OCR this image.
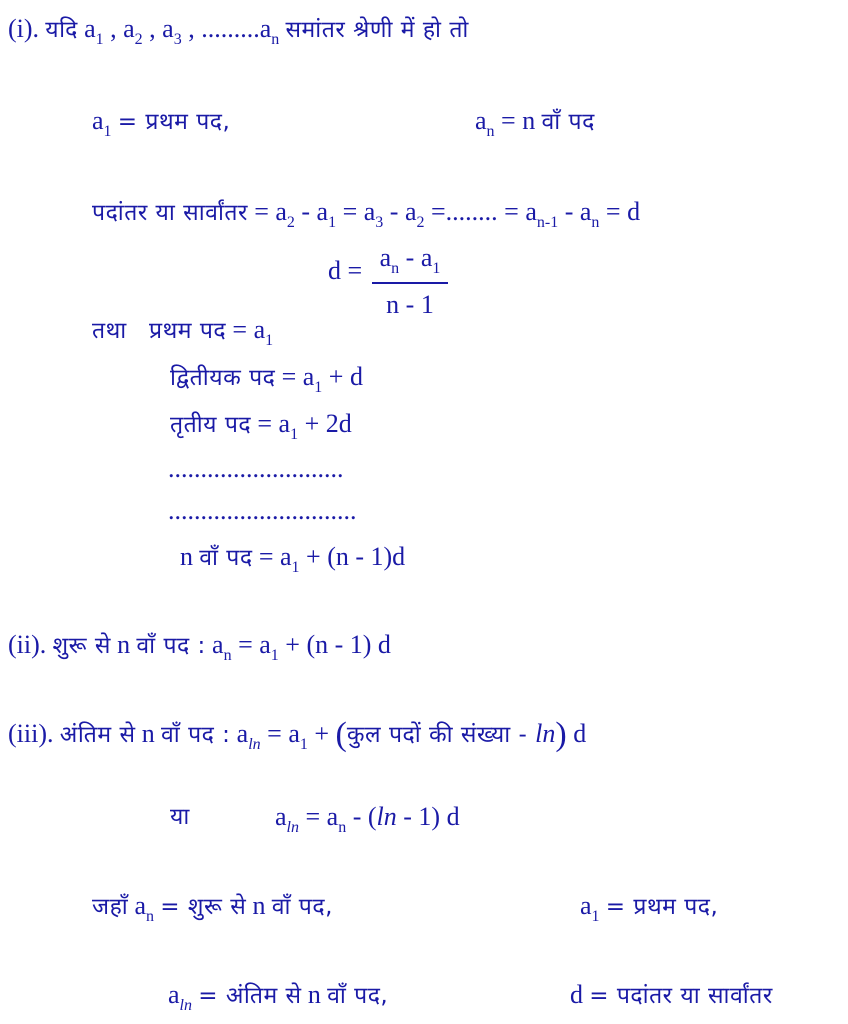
(i). यदि $a_1$ , $a_2$ , $a_3$ , $.........a_n$ समांतर श्रेणी में हो तो
$a_1$ = प्रथम पद,	$a_n = n$ वाँ पद
पदांतर या सार्वांतर = $a_2 - a_1 = a_3 - a_2$ =........ = $a_{n-1} - a_n = d$
$d = a_n - a_1$
n - 1
तथा प्रथम पद = $a_1$
द्वितीयक पद = $a_1 + d$
तृतीय पद = $a_1 + 2d$
...........................
.............................
n वाँ पद = $a_1 + (n - 1)d$
(ii). शुरू से n वाँ पद : $a_n = a_1 + (n - 1)$ d
(iii). अंतिम से n वाँ पद : $a_{ln} = a_1$ + (कुल पदों की संख्या - ln) d
या	$a_{ln} = a_n - (\ln - 1)$ d
जहाँ $a_n$ = शुरू से n वाँ पद,	$a_1$ = प्रथम पद,
$a_{ln}$ = अंतिम से n वाँ पद,	d = पदांतर या सार्वांतर
